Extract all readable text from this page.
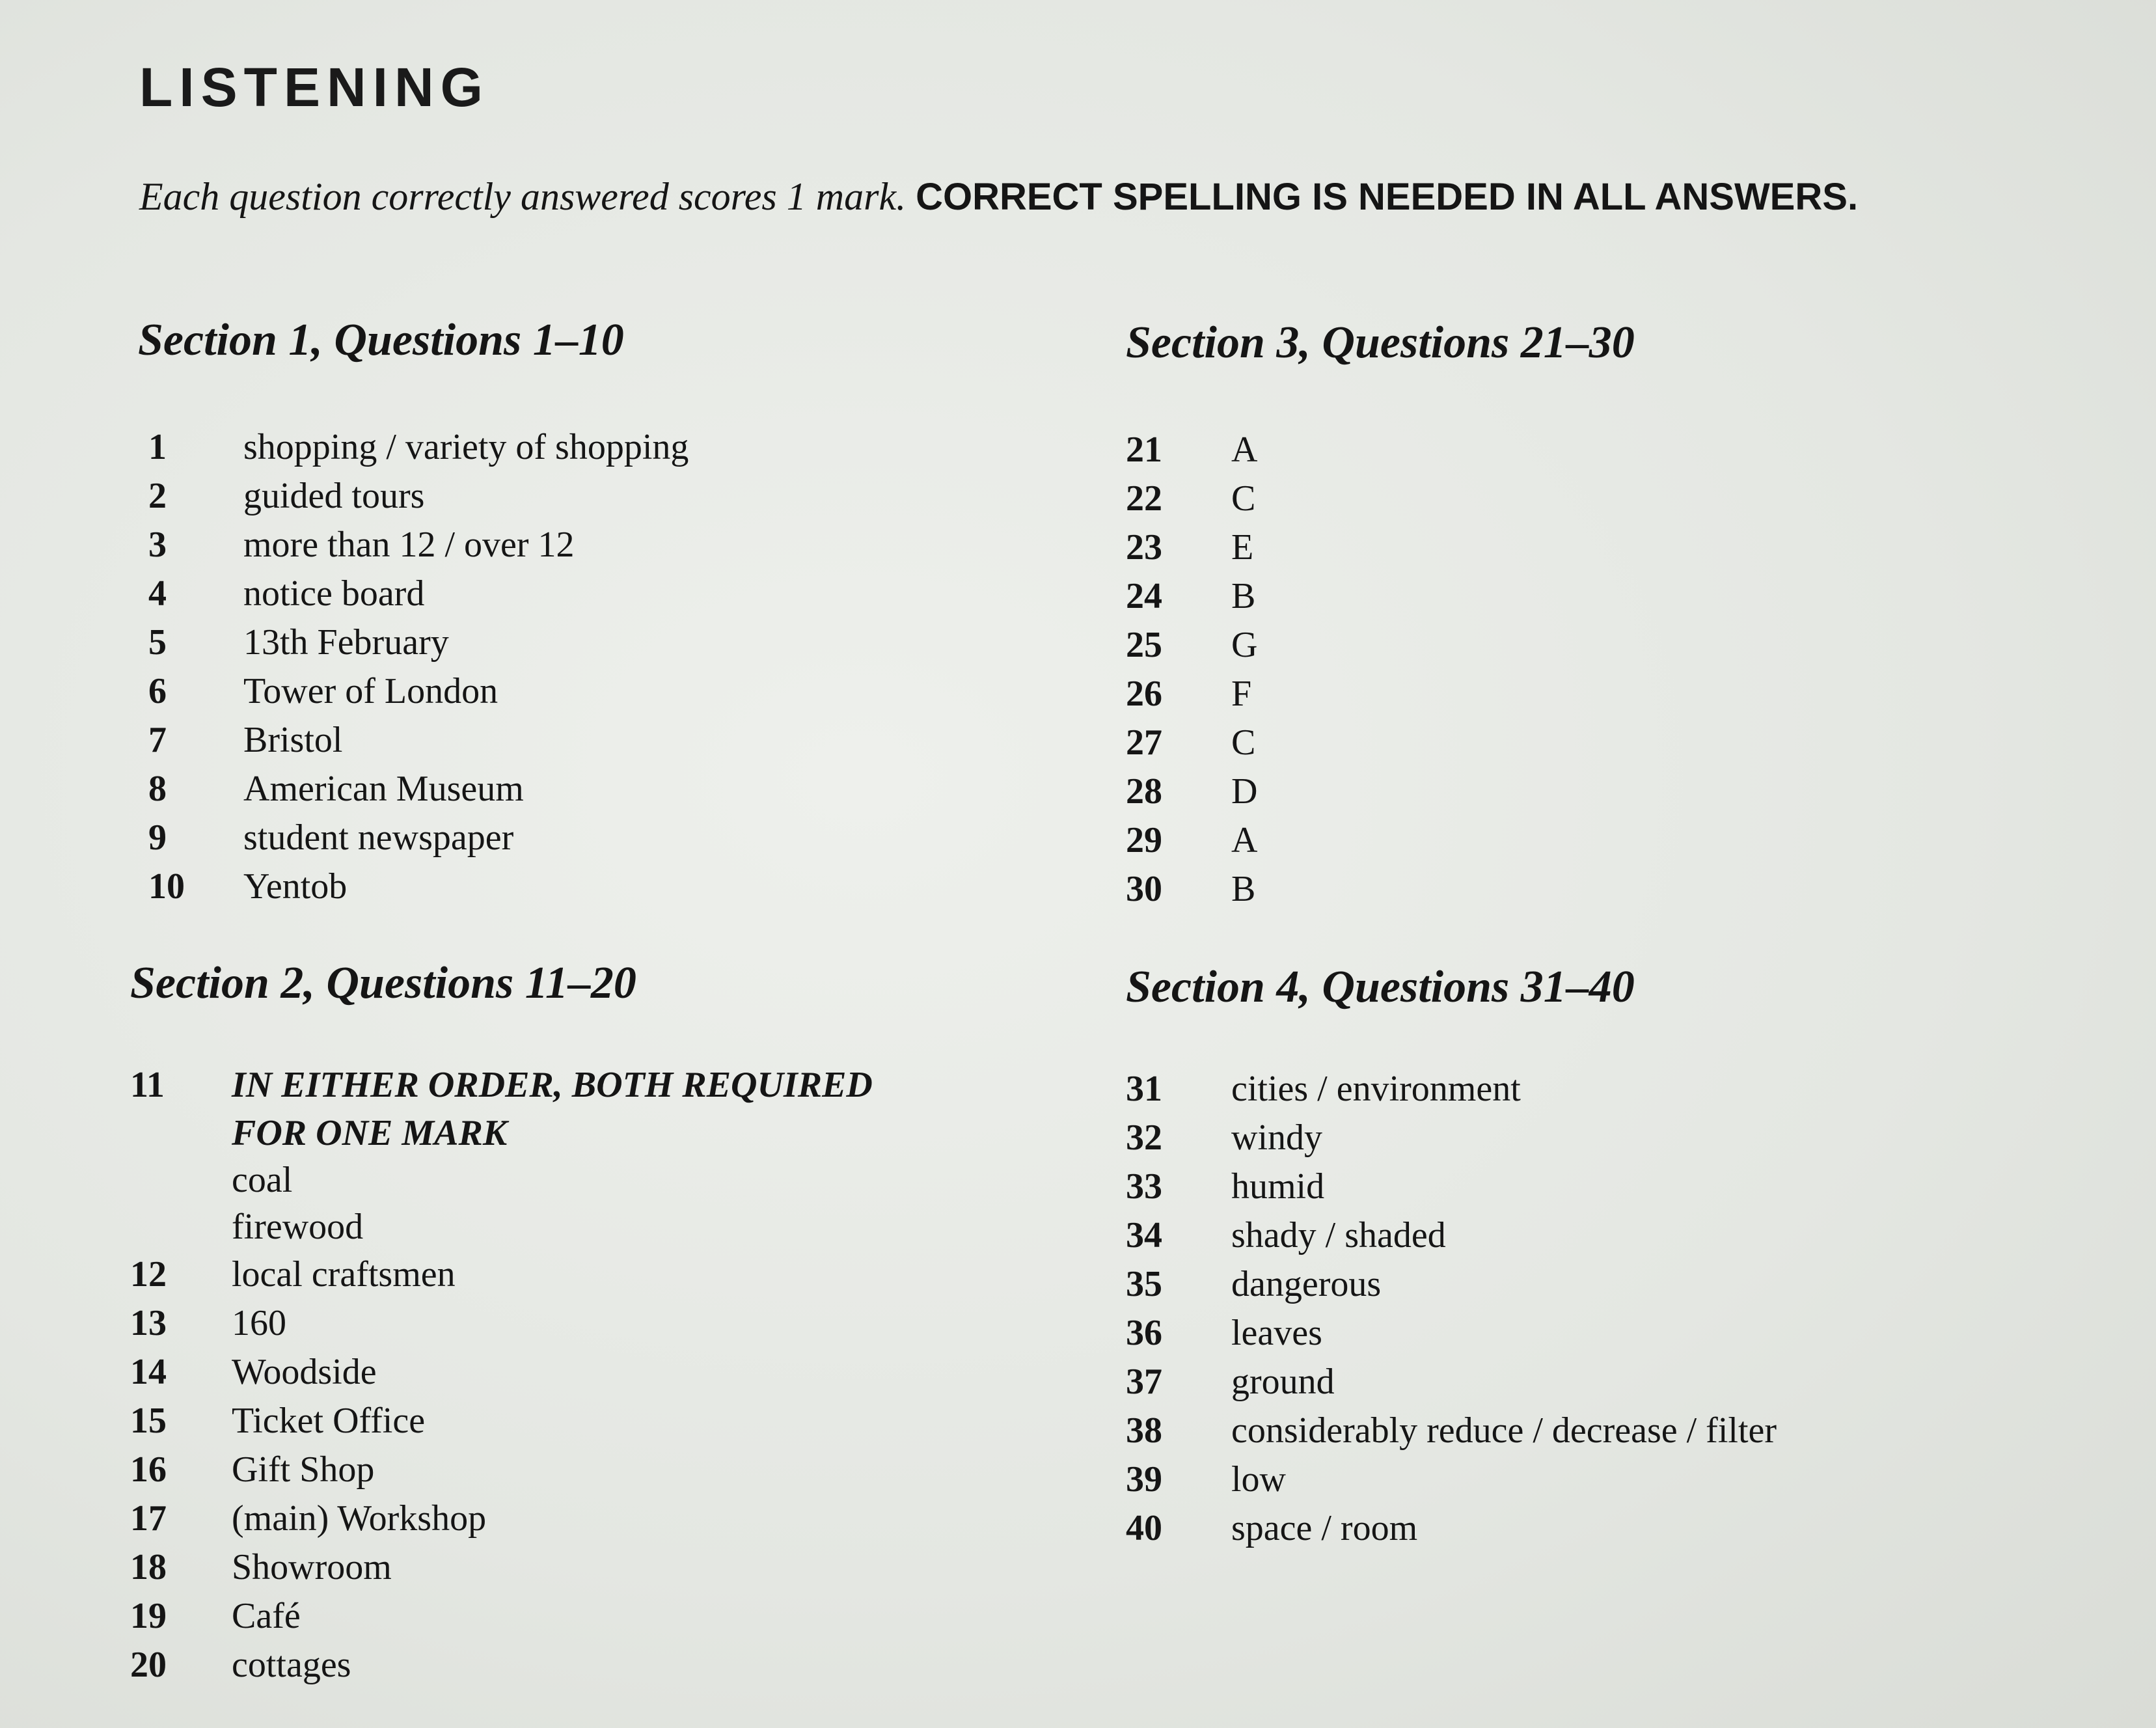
LISTENING

Each question correctly answered scores 1 mark. CORRECT SPELLING IS NEEDED IN ALL ANSWERS.

Section 1, Questions 1–10
1 shopping / variety of shopping
2 guided tours
3 more than 12 / over 12
4 notice board
5 13th February
6 Tower of London
7 Bristol
8 American Museum
9 student newspaper
10 Yentob
Section 3, Questions 21–30
21 A
22 C
23 E
24 B
25 G
26 F
27 C
28 D
29 A
30 B
Section 2, Questions 11–20
11 IN EITHER ORDER, BOTH REQUIRED
FOR ONE MARK
coal
firewood
12 local craftsmen
13 160
14 Woodside
15 Ticket Office
16 Gift Shop
17 (main) Workshop
18 Showroom
19 Café
20 cottages
Section 4, Questions 31–40
31 cities / environment
32 windy
33 humid
34 shady / shaded
35 dangerous
36 leaves
37 ground
38 considerably reduce / decrease / filter
39 low
40 space / room
